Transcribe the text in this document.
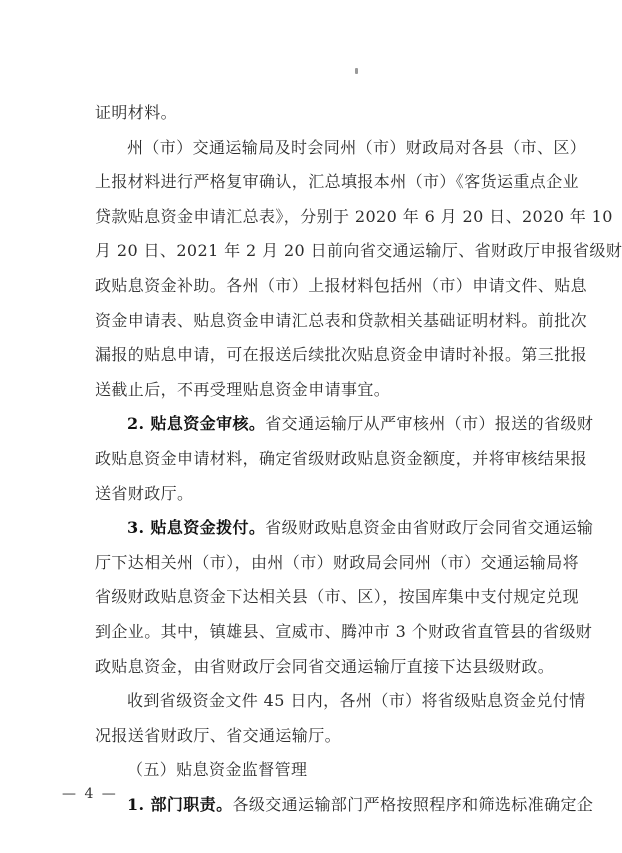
证明材料。
州（市）交通运输局及时会同州（市）财政局对各县（市、区）
上报材料进行严格复审确认，汇总填报本州（市）《客货运重点企业
贷款贴息资金申请汇总表》，分别于 2020 年 6 月 20 日、2020 年 10
月 20 日、2021 年 2 月 20 日前向省交通运输厅、省财政厅申报省级财
政贴息资金补助。各州（市）上报材料包括州（市）申请文件、贴息
资金申请表、贴息资金申请汇总表和贷款相关基础证明材料。前批次
漏报的贴息申请，可在报送后续批次贴息资金申请时补报。第三批报
送截止后，不再受理贴息资金申请事宜。
2. 贴息资金审核。省交通运输厅从严审核州（市）报送的省级财
政贴息资金申请材料，确定省级财政贴息资金额度，并将审核结果报
送省财政厅。
3. 贴息资金拨付。省级财政贴息资金由省财政厅会同省交通运输
厅下达相关州（市），由州（市）财政局会同州（市）交通运输局将
省级财政贴息资金下达相关县（市、区），按国库集中支付规定兑现
到企业。其中，镇雄县、宣威市、腾冲市 3 个财政省直管县的省级财
政贴息资金，由省财政厅会同省交通运输厅直接下达县级财政。
收到省级资金文件 45 日内，各州（市）将省级贴息资金兑付情
况报送省财政厅、省交通运输厅。
（五）贴息资金监督管理
1. 部门职责。各级交通运输部门严格按照程序和筛选标准确定企
— 4 —
